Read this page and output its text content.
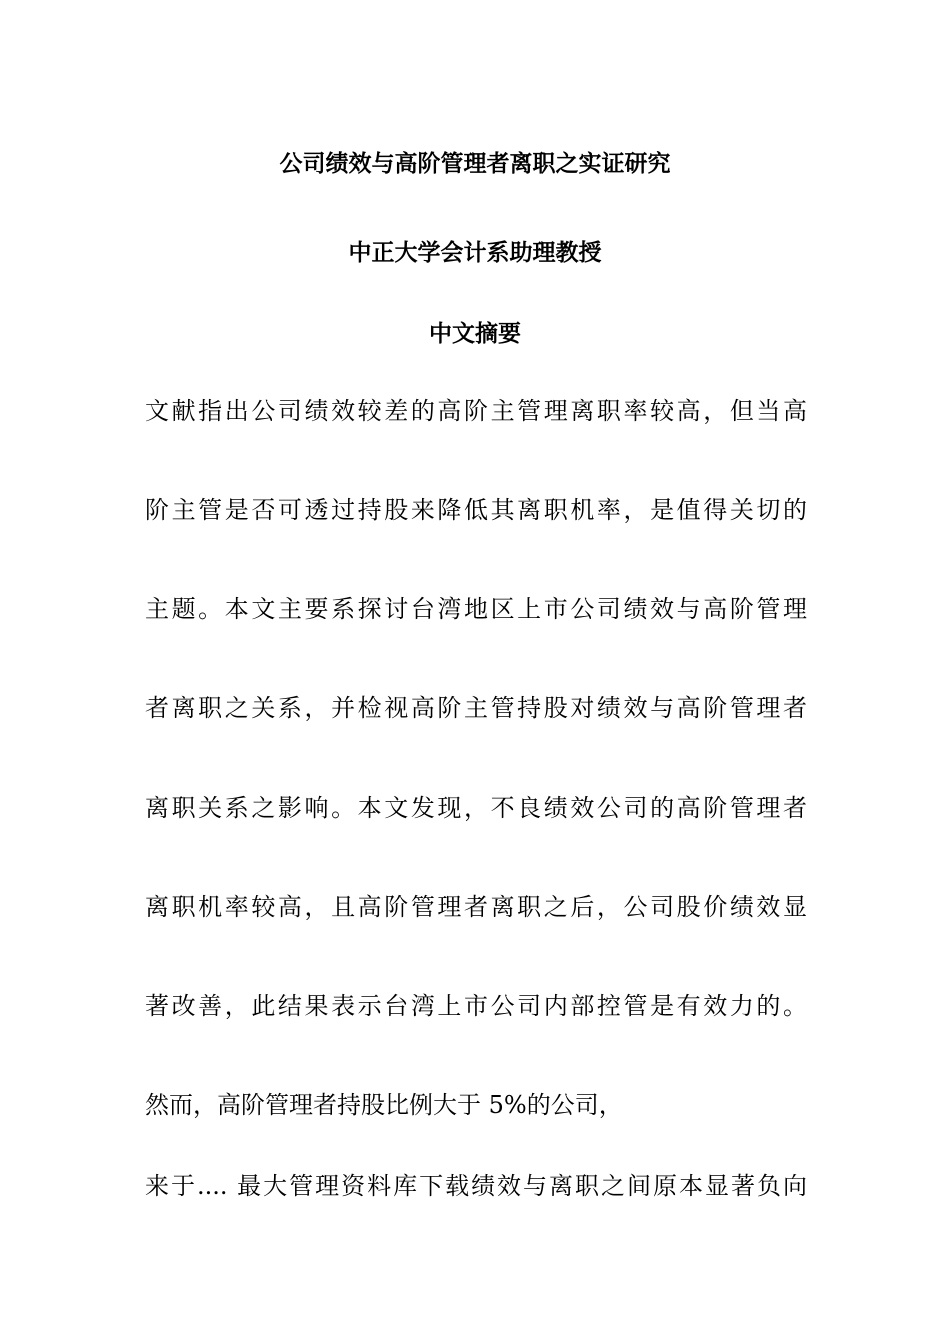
公司绩效与高阶管理者离职之实证研究
中正大学会计系助理教授
中文摘要
文献指出公司绩效较差的高阶主管理离职率较高，但当高
阶主管是否可透过持股来降低其离职机率，是值得关切的
主题。本文主要系探讨台湾地区上市公司绩效与高阶管理
者离职之关系，并检视高阶主管持股对绩效与高阶管理者
离职关系之影响。本文发现，不良绩效公司的高阶管理者
离职机率较高，且高阶管理者离职之后，公司股价绩效显
著改善，此结果表示台湾上市公司内部控管是有效力的。
然而，高阶管理者持股比例大于 5%的公司，
来于.... 最大管理资料库下载绩效与离职之间原本显著负向
